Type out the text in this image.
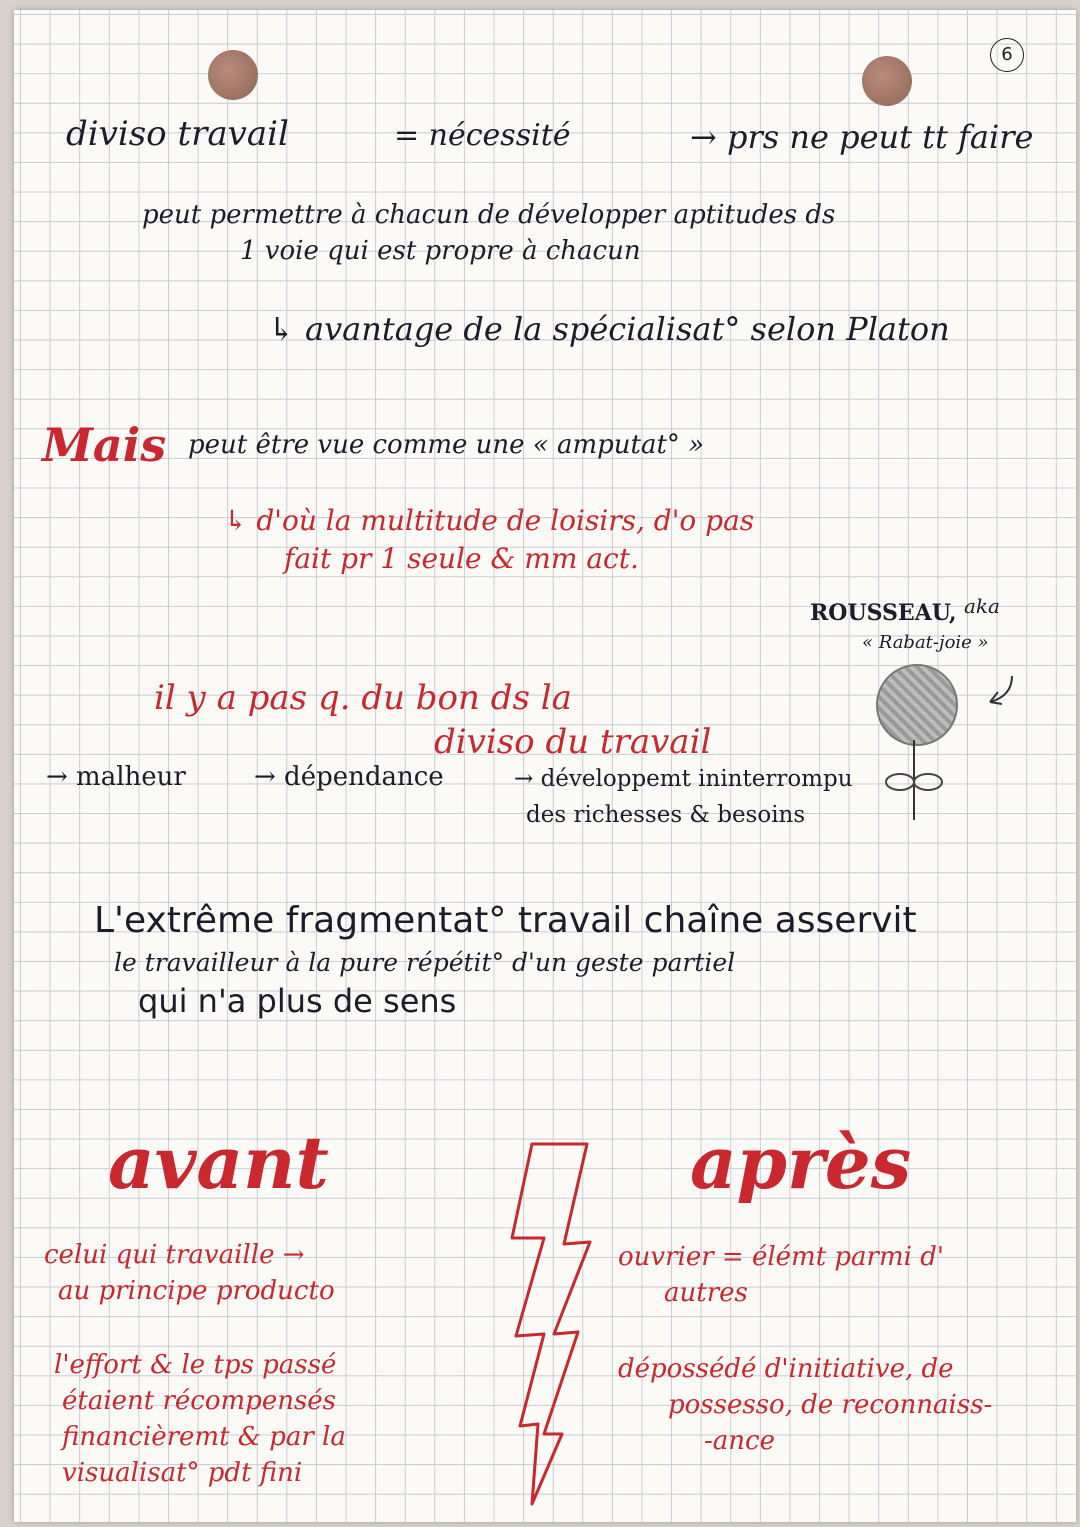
6
diviso travail	= nécessité	→ prs ne peut tt faire
peut permettre à chacun de développer aptitudes ds
1 voie qui est propre à chacun
↳ avantage de la spécialisat° selon Platon
Mais peut être vue comme une « amputat° »
↳ d'où la multitude de loisirs, d'o pas
fait pr 1 seule & mm act.
ROUSSEAU, aka
« Rabat-joie »
il y a pas q. du bon ds la
diviso du travail
→ malheur	→ dépendance	→ développemt ininterrompu
des richesses & besoins
L'extrême fragmentat° travail chaîne asservit
le travailleur à la pure répétit° d'un geste partiel
qui n'a plus de sens
avant	après
celui qui travaille →
au principe producto
l'effort & le tps passé
étaient récompensés
financièremt & par la
visualisat° pdt fini
ouvrier = élémt parmi d'
autres
dépossédé d'initiative, de
possesso, de reconnaiss-
-ance
